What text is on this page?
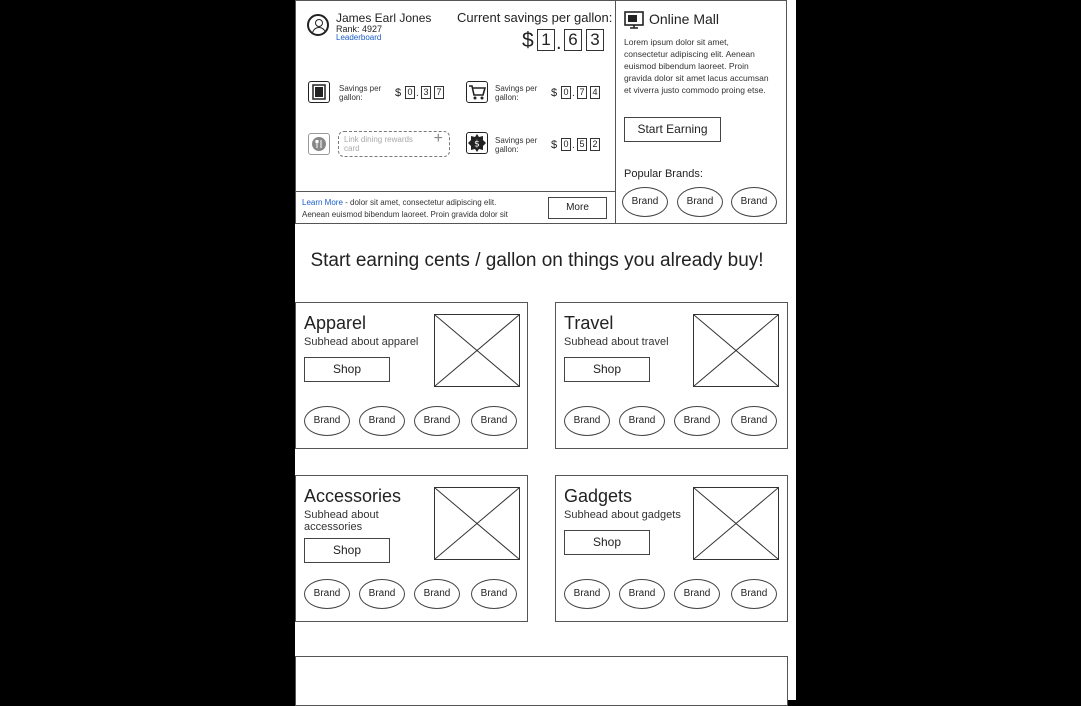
James Earl Jones
Rank: 4927
Leaderboard
Current savings per gallon:
$ 1 . 6 3
Savings per gallon:	$ 0 . 3 7	Savings per gallon:	$ 0 . 7 4
Link dining rewards card
+	$ Savings per gallon:	$ 0 . 5 2
Learn More - dolor sit amet, consectetur adipiscing elit.
Aenean euismod bibendum laoreet. Proin gravida dolor sit
More
Online Mall
Lorem ipsum dolor sit amet, consectetur adipiscing elit. Aenean euismod bibendum laoreet. Proin gravida dolor sit amet lacus accumsan et viverra justo commodo proing etse.
Start Earning
Popular Brands:
Brand	Brand	Brand
Start earning cents / gallon on things you already buy!
Apparel
Subhead about apparel
Shop
Brand	Brand	Brand	Brand
Travel
Subhead about travel
Shop
Brand	Brand	Brand	Brand
Accessories
Subhead about accessories
Shop
Brand	Brand	Brand	Brand
Gadgets
Subhead about gadgets
Shop
Brand	Brand	Brand	Brand
